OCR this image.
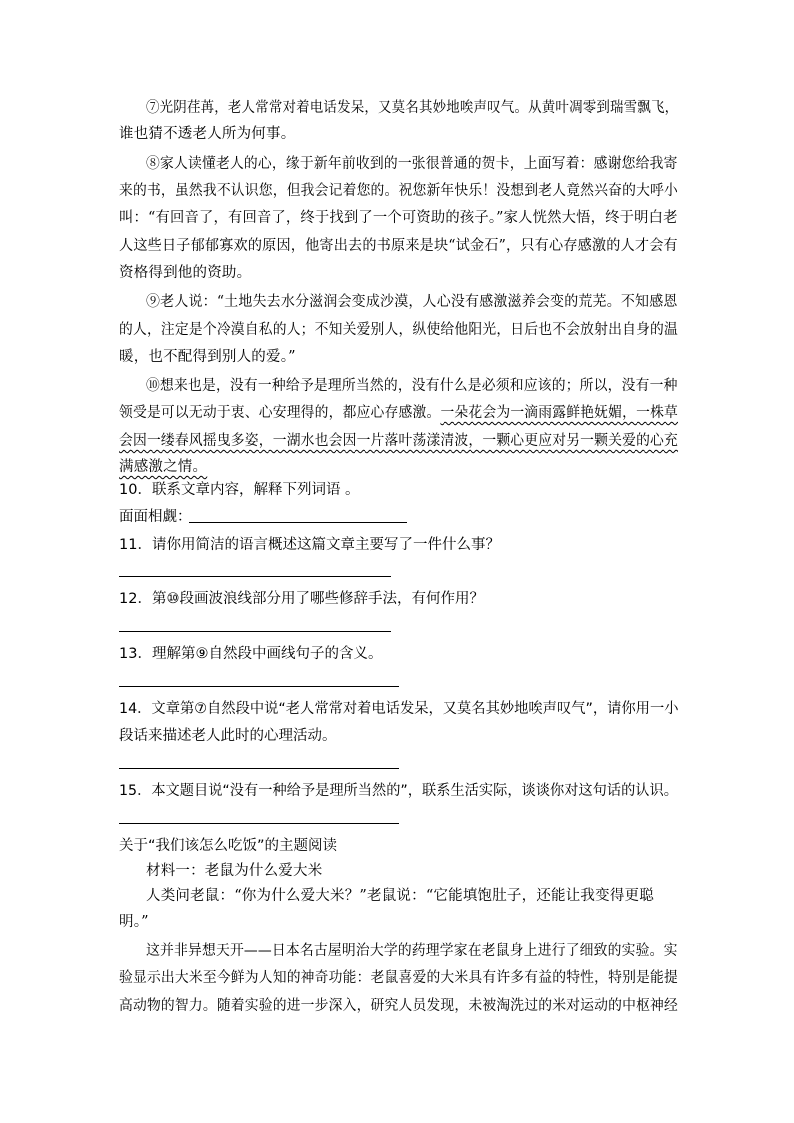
⑦光阴荏苒，老人常常对着电话发呆，又莫名其妙地唉声叹气。从黄叶凋零到瑞雪飘飞，
谁也猜不透老人所为何事。
⑧家人读懂老人的心，缘于新年前收到的一张很普通的贺卡，上面写着：感谢您给我寄
来的书，虽然我不认识您，但我会记着您的。祝您新年快乐！没想到老人竟然兴奋的大呼小
叫：“有回音了，有回音了，终于找到了一个可资助的孩子。”家人恍然大悟，终于明白老
人这些日子郁郁寡欢的原因，他寄出去的书原来是块“试金石”，只有心存感激的人才会有
资格得到他的资助。
⑨老人说：“土地失去水分滋润会变成沙漠，人心没有感激滋养会变的荒芜。不知感恩
的人，注定是个冷漠自私的人；不知关爱别人，纵使给他阳光，日后也不会放射出自身的温
暖，也不配得到别人的爱。”
⑩想来也是，没有一种给予是理所当然的，没有什么是必须和应该的；所以，没有一种
领受是可以无动于衷、心安理得的，都应心存感激。一朵花会为一滴雨露鲜艳妩媚，一株草
会因一缕春风摇曳多姿，一湖水也会因一片落叶荡漾清波，一颗心更应对另一颗关爱的心充
满感激之情。
10．联系文章内容，解释下列词语 。
面面相觑：
11．请你用简洁的语言概述这篇文章主要写了一件什么事？
12．第⑩段画波浪线部分用了哪些修辞手法，有何作用？
13．理解第⑨自然段中画线句子的含义。
14．文章第⑦自然段中说“老人常常对着电话发呆，又莫名其妙地唉声叹气”，请你用一小
段话来描述老人此时的心理活动。
15．本文题目说“没有一种给予是理所当然的”，联系生活实际，谈谈你对这句话的认识。
关于“我们该怎么吃饭”的主题阅读
材料一：老鼠为什么爱大米
人类问老鼠：“你为什么爱大米？”老鼠说：“它能填饱肚子，还能让我变得更聪
明。”
这并非异想天开——日本名古屋明治大学的药理学家在老鼠身上进行了细致的实验。实
验显示出大米至今鲜为人知的神奇功能：老鼠喜爱的大米具有许多有益的特性，特别是能提
高动物的智力。随着实验的进一步深入，研究人员发现，未被淘洗过的米对运动的中枢神经
